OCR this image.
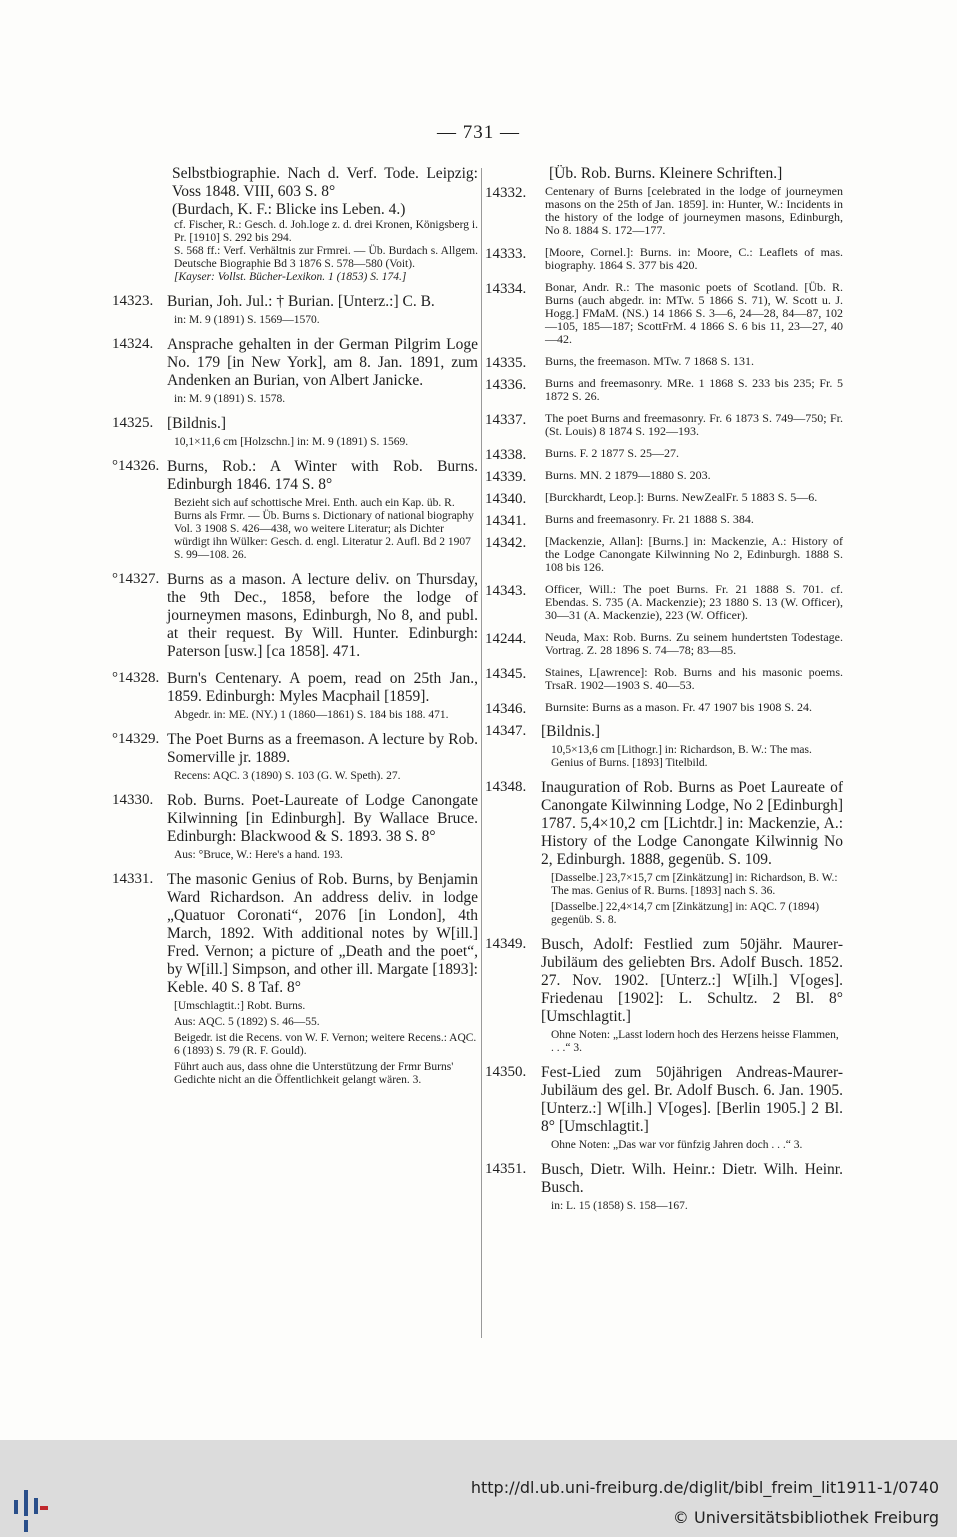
— 731 —
Selbstbiographie. Nach d. Verf. Tode. Leipzig: Voss 1848. VIII, 603 S. 8°
(Burdach, K. F.: Blicke ins Leben. 4.)
cf. Fischer, R.: Gesch. d. Joh.loge z. d. drei Kronen, Königsberg i. Pr. [1910] S. 292 bis 294.
S. 568 ff.: Verf. Verhältnis zur Frmrei. — Üb. Burdach s. Allgem. Deutsche Biographie Bd 3 1876 S. 578—580 (Voit).
[Kayser: Vollst. Bücher-Lexikon. 1 (1853) S. 174.]
14323. Burian, Joh. Jul.: † Burian. [Unterz.:] C. B.
in: M. 9 (1891) S. 1569—1570.
14324. Ansprache gehalten in der German Pilgrim Loge No. 179 [in New York], am 8. Jan. 1891, zum Andenken an Burian, von Albert Janicke.
in: M. 9 (1891) S. 1578.
14325. [Bildnis.]
10,1×11,6 cm [Holzschn.] in: M. 9 (1891) S. 1569.
°14326. Burns, Rob.: A Winter with Rob. Burns. Edinburgh 1846. 174 S. 8°
Bezieht sich auf schottische Mrei. Enth. auch ein Kap. üb. R. Burns als Frmr. — Üb. Burns s. Dictionary of national biography Vol. 3 1908 S. 426—438, wo weitere Literatur; als Dichter würdigt ihn Wülker: Gesch. d. engl. Literatur 2. Aufl. Bd 2 1907 S. 99—108. 26.
°14327. Burns as a mason. A lecture deliv. on Thursday, the 9th Dec., 1858, before the lodge of journeymen masons, Edinburgh, No 8, and publ. at their request. By Will. Hunter. Edinburgh: Paterson [usw.] [ca 1858]. 471.
°14328. Burn's Centenary. A poem, read on 25th Jan., 1859. Edinburgh: Myles Macphail [1859].
Abgedr. in: ME. (NY.) 1 (1860—1861) S. 184 bis 188. 471.
°14329. The Poet Burns as a freemason. A lecture by Rob. Somerville jr. 1889.
Recens: AQC. 3 (1890) S. 103 (G. W. Speth). 27.
14330. Rob. Burns. Poet-Laureate of Lodge Canongate Kilwinning [in Edinburgh]. By Wallace Bruce. Edinburgh: Blackwood & S. 1893. 38 S. 8°
Aus: °Bruce, W.: Here's a hand. 193.
14331. The masonic Genius of Rob. Burns, by Benjamin Ward Richardson. An address deliv. in lodge „Quatuor Coronati“, 2076 [in London], 4th March, 1892. With additional notes by W[ill.] Fred. Vernon; a picture of „Death and the poet“, by W[ill.] Simpson, and other ill. Margate [1893]: Keble. 40 S. 8 Taf. 8°
[Umschlagtit.:] Robt. Burns.
Aus: AQC. 5 (1892) S. 46—55.
Beigedr. ist die Recens. von W. F. Vernon; weitere Recens.: AQC. 6 (1893) S. 79 (R. F. Gould).
Führt auch aus, dass ohne die Unterstützung der Frmr Burns' Gedichte nicht an die Öffentlichkeit gelangt wären. 3.
[Üb. Rob. Burns. Kleinere Schriften.]
14332.	Centenary of Burns [celebrated in the lodge of journeymen masons on the 25th of Jan. 1859]. in: Hunter, W.: Incidents in the history of the lodge of journeymen masons, Edinburgh, No 8. 1884 S. 172—177.
14333.	[Moore, Cornel.]: Burns. in: Moore, C.: Leaflets of mas. biography. 1864 S. 377 bis 420.
14334.	Bonar, Andr. R.: The masonic poets of Scotland. [Üb. R. Burns (auch abgedr. in: MTw. 5 1866 S. 71), W. Scott u. J. Hogg.] FMaM. (NS.) 14 1866 S. 3—6, 24—28, 84—87, 102—105, 185—187; ScottFrM. 4 1866 S. 6 bis 11, 23—27, 40—42.
14335.	Burns, the freemason. MTw. 7 1868 S. 131.
14336.	Burns and freemasonry. MRe. 1 1868 S. 233 bis 235; Fr. 5 1872 S. 26.
14337.	The poet Burns and freemasonry. Fr. 6 1873 S. 749—750; Fr. (St. Louis) 8 1874 S. 192—193.
14338.	Burns. F. 2 1877 S. 25—27.
14339.	Burns. MN. 2 1879—1880 S. 203.
14340.	[Burckhardt, Leop.]: Burns. NewZealFr. 5 1883 S. 5—6.
14341.	Burns and freemasonry. Fr. 21 1888 S. 384.
14342.	[Mackenzie, Allan]: [Burns.] in: Mackenzie, A.: History of the Lodge Canongate Kilwinning No 2, Edinburgh. 1888 S. 108 bis 126.
14343.	Officer, Will.: The poet Burns. Fr. 21 1888 S. 701. cf. Ebendas. S. 735 (A. Mackenzie); 23 1880 S. 13 (W. Officer), 30—31 (A. Mackenzie), 223 (W. Officer).
14244.	Neuda, Max: Rob. Burns. Zu seinem hundertsten Todestage. Vortrag. Z. 28 1896 S. 74—78; 83—85.
14345.	Staines, L[awrence]: Rob. Burns and his masonic poems. TrsaR. 1902—1903 S. 40—53.
14346.	Burnsite: Burns as a mason. Fr. 47 1907 bis 1908 S. 24.
14347. [Bildnis.]
10,5×13,6 cm [Lithogr.] in: Richardson, B. W.: The mas. Genius of Burns. [1893] Titelbild.
14348. Inauguration of Rob. Burns as Poet Laureate of Canongate Kilwinning Lodge, No 2 [Edinburgh] 1787. 5,4×10,2 cm [Lichtdr.] in: Mackenzie, A.: History of the Lodge Canongate Kilwinnig No 2, Edinburgh. 1888, gegenüb. S. 109.
[Dasselbe.] 23,7×15,7 cm [Zinkätzung] in: Richardson, B. W.: The mas. Genius of R. Burns. [1893] nach S. 36.
[Dasselbe.] 22,4×14,7 cm [Zinkätzung] in: AQC. 7 (1894) gegenüb. S. 8.
14349. Busch, Adolf: Festlied zum 50jähr. Maurer-Jubiläum des geliebten Brs. Adolf Busch. 1852. 27. Nov. 1902. [Unterz.:] W[ilh.] V[oges]. Friedenau [1902]: L. Schultz. 2 Bl. 8° [Umschlagtit.]
Ohne Noten: „Lasst lodern hoch des Herzens heisse Flammen, . . .“ 3.
14350. Fest-Lied zum 50jährigen Andreas-Maurer-Jubiläum des gel. Br. Adolf Busch. 6. Jan. 1905. [Unterz.:] W[ilh.] V[oges]. [Berlin 1905.] 2 Bl. 8° [Umschlagtit.]
Ohne Noten: „Das war vor fünfzig Jahren doch . . .“ 3.
14351. Busch, Dietr. Wilh. Heinr.: Dietr. Wilh. Heinr. Busch.
in: L. 15 (1858) S. 158—167.
http://dl.ub.uni-freiburg.de/diglit/bibl_freim_lit1911-1/0740
© Universitätsbibliothek Freiburg
